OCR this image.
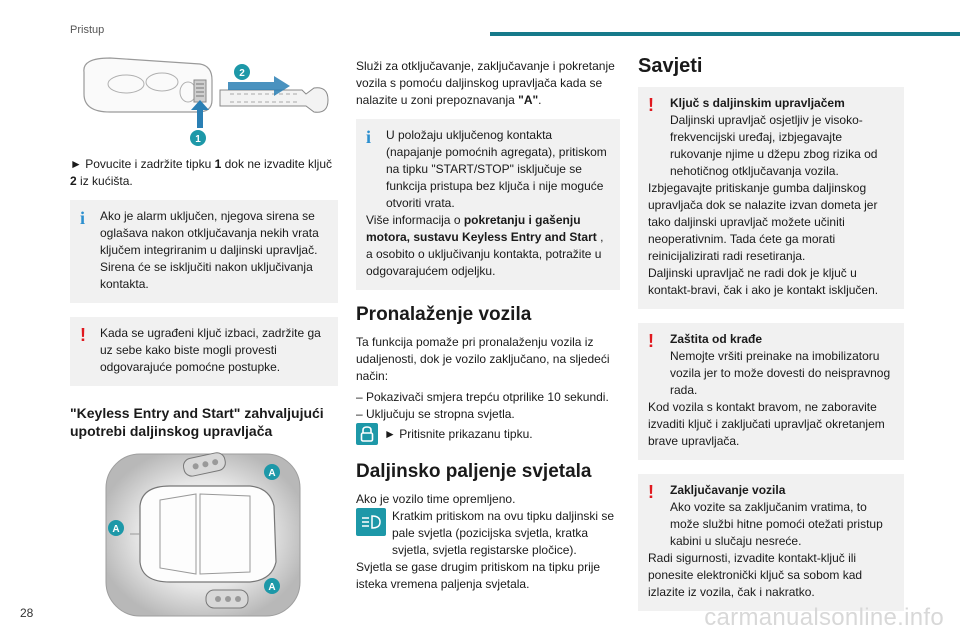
Pristup
2
1

► Povucite i zadržite tipku 1 dok ne izvadite ključ 2 iz kućišta.

i	Ako je alarm uključen, njegova sirena se oglašava nakon otključavanja nekih vrata ključem integriranim u daljinski upravljač. Sirena će se isključiti nakon uključivanja kontakta.

!	Kada se ugrađeni ključ izbaci, zadržite ga uz sebe kako biste mogli provesti odgovarajuće pomoćne postupke.

"Keyless Entry and Start" zahvaljujući upotrebi daljinskog upravljača
A
A
A

Služi za otključavanje, zaključavanje i pokretanje vozila s pomoću daljinskog upravljača kada se nalazite u zoni prepoznavanja "A".

i	U položaju uključenog kontakta (napajanje pomoćnih agregata), pritiskom na tipku "START/STOP" isključuje se funkcija pristupa bez ključa i nije moguće otvoriti vrata.

Više informacija o pokretanju i gašenju motora, sustavu Keyless Entry and Start , a osobito o uključivanju kontakta, potražite u odgovarajućem odjeljku.

Pronalaženje vozila

Ta funkcija pomaže pri pronalaženju vozila iz udaljenosti, dok je vozilo zaključano, na sljedeći način:

– Pokazivači smjera trepću otprilike 10 sekundi.

– Uključuju se stropna svjetla.

► Pritisnite prikazanu tipku.
Daljinsko paljenje svjetala

Ako je vozilo time opremljeno.

Kratkim pritiskom na ovu tipku daljinski se pale svjetla (pozicijska svjetla, kratka svjetla, svjetla registarske pločice).

Svjetla se gase drugim pritiskom na tipku prije isteka vremena paljenja svjetala.

Savjeti
!	Ključ s daljinskim upravljačem

Daljinski upravljač osjetljiv je visoko-frekvencijski uređaj, izbjegavajte rukovanje njime u džepu zbog rizika od nehotičnog otključavanja vozila.

Izbjegavajte pritiskanje gumba daljinskog upravljača dok se nalazite izvan dometa jer tako daljinski upravljač možete učiniti neoperativnim. Tada ćete ga morati reinicijalizirati radi resetiranja.

Daljinski upravljač ne radi dok je ključ u kontakt-bravi, čak i ako je kontakt isključen.

!	Zaštita od krađe

Nemojte vršiti preinake na imobilizatoru vozila jer to može dovesti do neispravnog rada.

Kod vozila s kontakt bravom, ne zaboravite izvaditi ključ i zaključati upravljač okretanjem brave upravljača.

!	Zaključavanje vozila

Ako vozite sa zaključanim vratima, to može službi hitne pomoći otežati pristup kabini u slučaju nesreće.

Radi sigurnosti, izvadite kontakt-ključ ili ponesite elektronički ključ sa sobom kad izlazite iz vozila, čak i nakratko.

28	carmanualsonline.info
